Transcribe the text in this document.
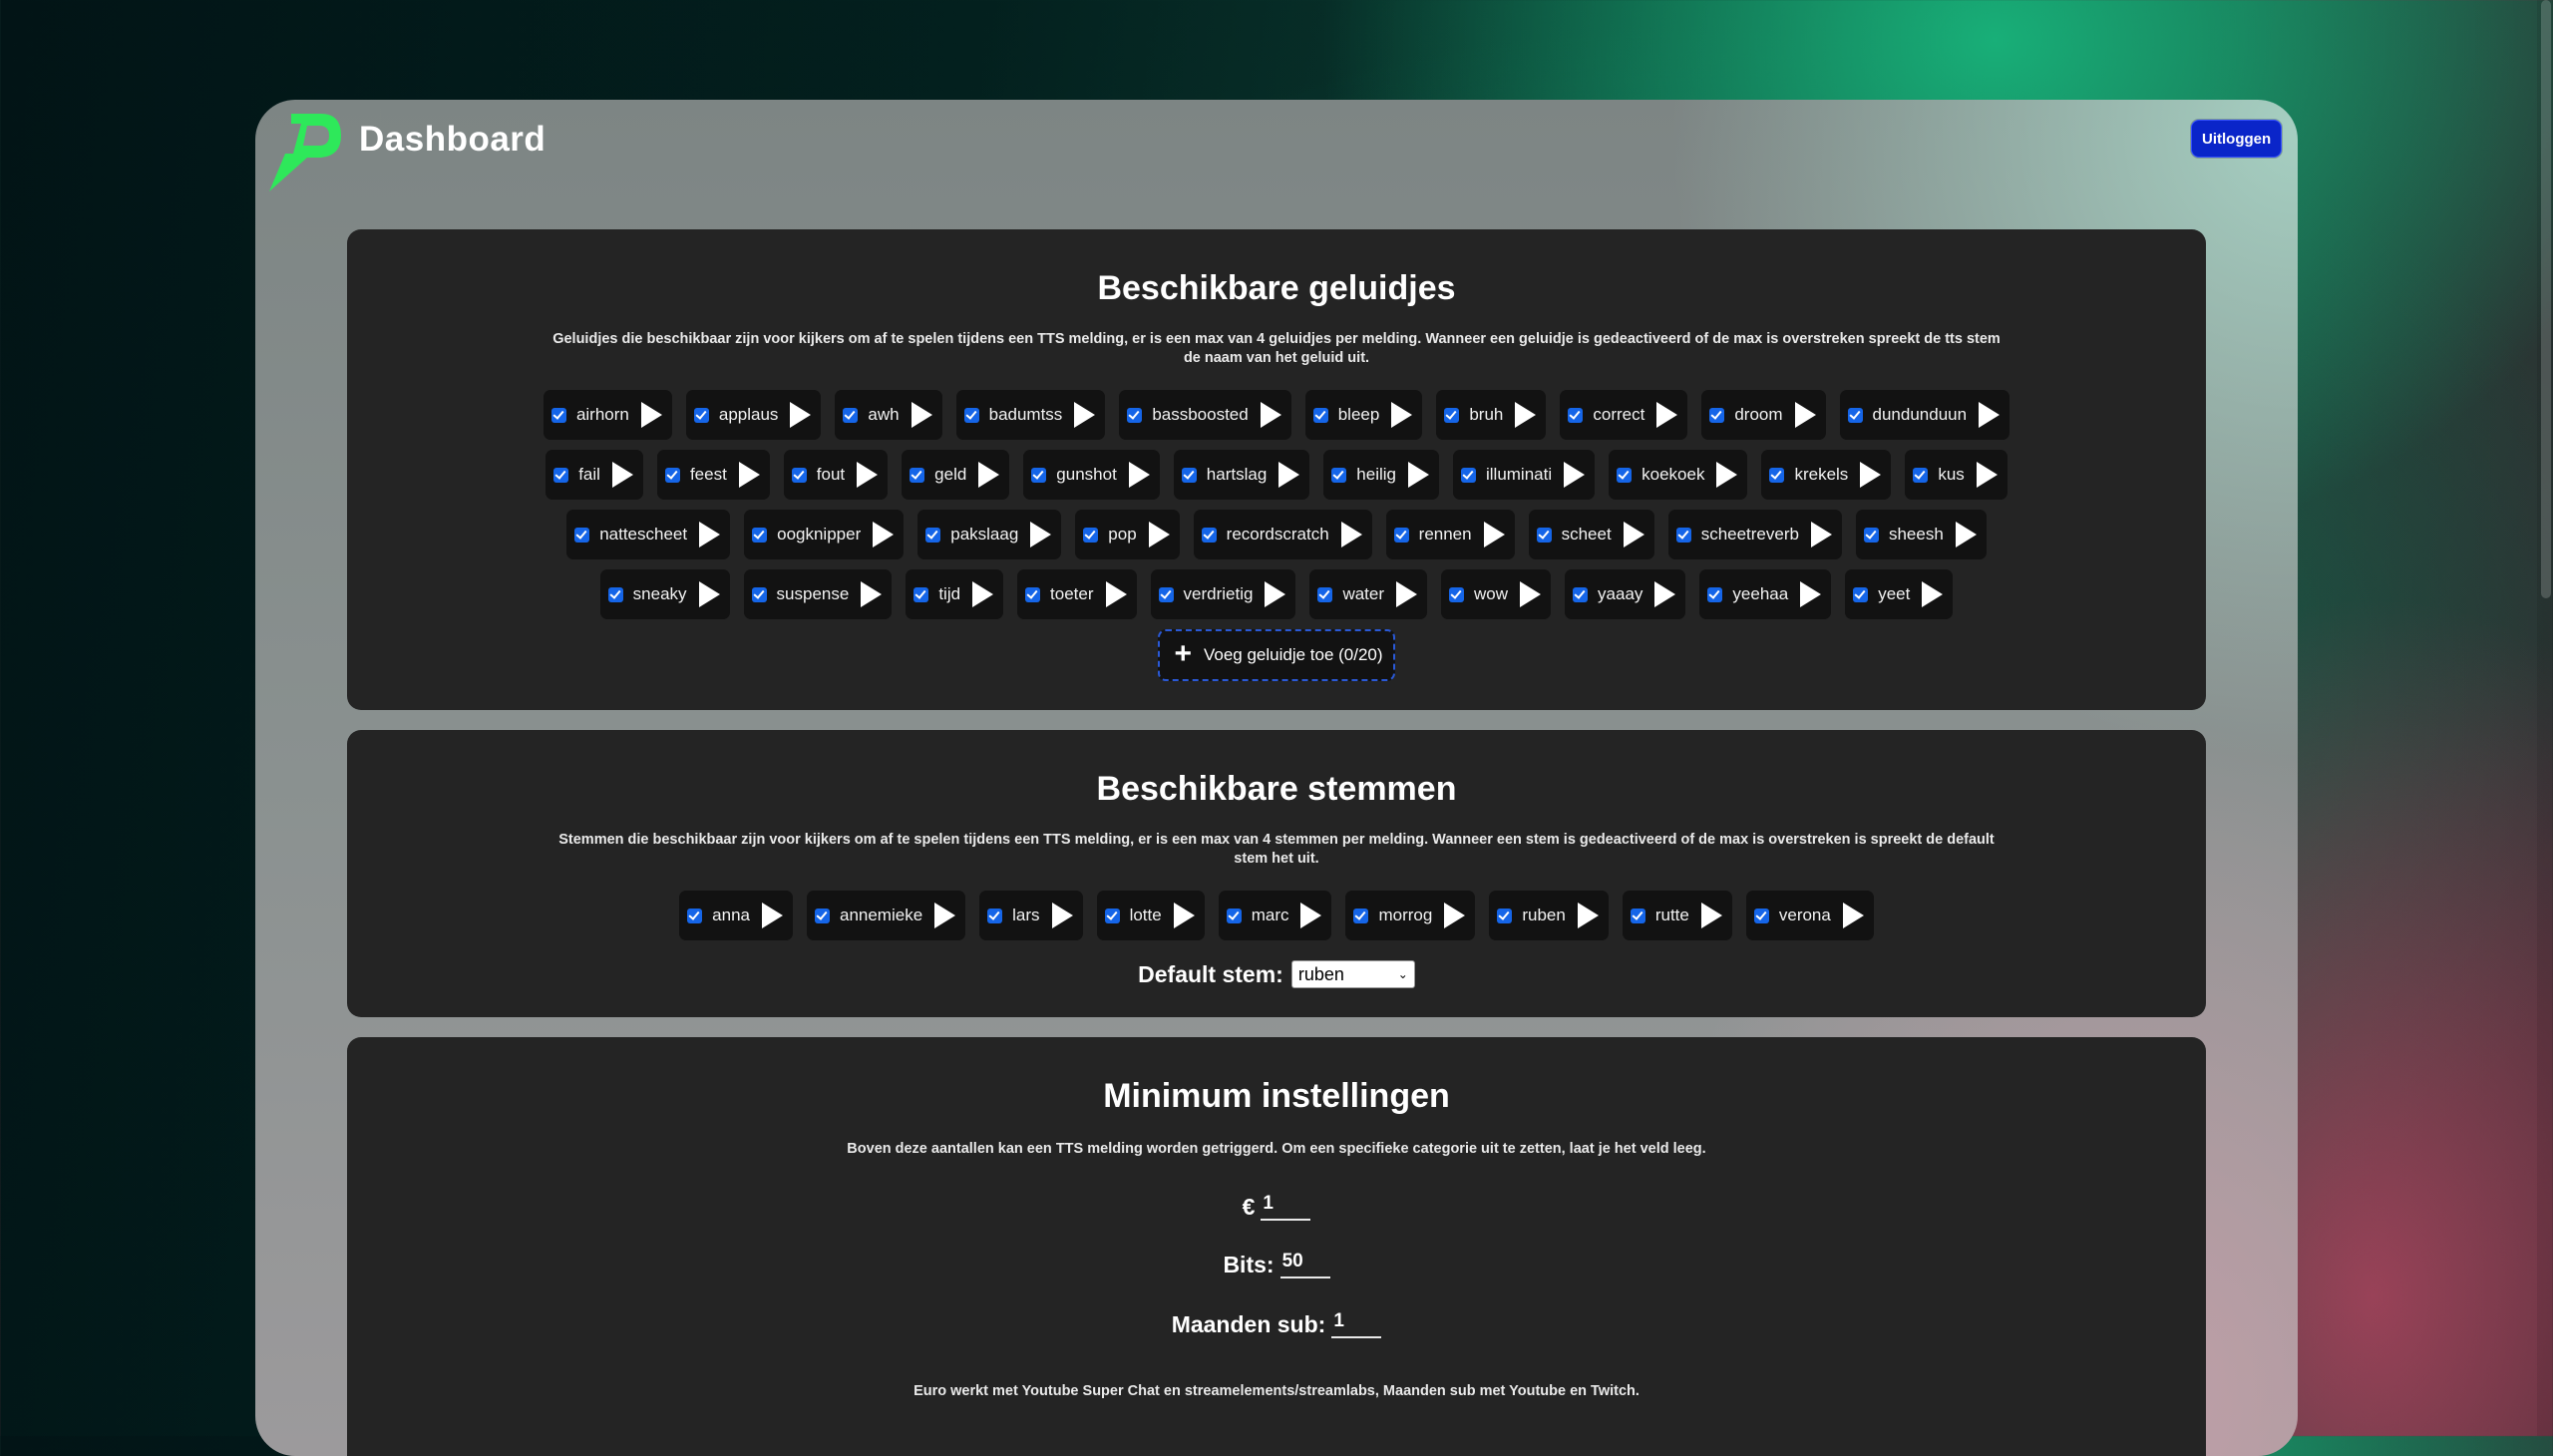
Dashboard	Uitloggen
Beschikbare geluidjes

Geluidjes die beschikbaar zijn voor kijkers om af te spelen tijdens een TTS melding, er is een max van 4 geluidjes per melding. Wanneer een geluidje is gedeactiveerd of de max is overstreken spreekt de tts stem de naam van het geluid uit.

airhorn	applaus	awh	badumtss	bassboosted	bleep	bruh	correct	droom	dundunduun
fail	feest	fout	geld	gunshot	hartslag	heilig	illuminati	koekoek	krekels	kus
nattescheet	oogknipper	pakslaag	pop	recordscratch	rennen	scheet	scheetreverb	sheesh
sneaky	suspense	tijd	toeter	verdrietig	water	wow	yaaay	yeehaa	yeet
+ Voeg geluidje toe (0/20)
Beschikbare stemmen

Stemmen die beschikbaar zijn voor kijkers om af te spelen tijdens een TTS melding, er is een max van 4 stemmen per melding. Wanneer een stem is gedeactiveerd of de max is overstreken is spreekt de default stem het uit.

anna	annemieke	lars	lotte	marc	morrog	ruben	rutte	verona
Default stem: ruben	⌄
Minimum instellingen

Boven deze aantallen kan een TTS melding worden getriggerd. Om een specifieke categorie uit te zetten, laat je het veld leeg.

€ 1
Bits: 50
Maanden sub: 1

Euro werkt met Youtube Super Chat en streamelements/streamlabs, Maanden sub met Youtube en Twitch.
